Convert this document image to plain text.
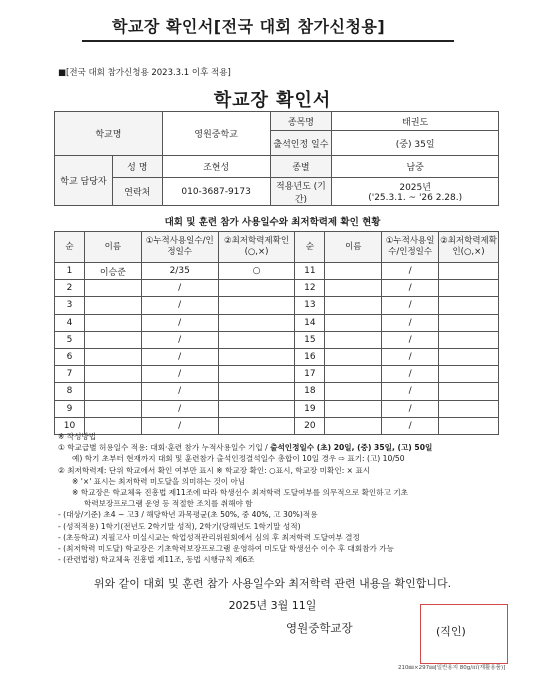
학교장 확인서[전국 대회 참가신청용]
■[전국 대회 참가신청용 2023.3.1 이후 적용]
학교장 확인서
학교명		영원중학교	종목명	태권도
			출석인정 일수	(중) 35일
학교 담당자	성 명	조현성	종별	남중
	연락처	010-3687-9173	적용년도 (기간)	2025년
('25.3.1. ~ '26 2.28.)
대회 및 훈련 참가 사용일수와 최저학력제 확인 현황
순	이름	①누적사용일수/인정일수	②최저학력제확인(○,×)	순	이름	①누적사용일수/인정일수	②최저학력제확인(○,×)
1	이승준	2/35	○	11		/	
2		/		12		/	
3		/		13		/	
4		/		14		/	
5		/		15		/	
6		/		16		/	
7		/		17		/	
8		/		18		/	
9		/		19		/	
10		/		20		/	
※ 작성방법
① 학교급별 허용일수 적용: 대회·훈련 참가 누적사용일수 기입 / 출석인정일수 (초) 20일, (중) 35일, (고) 50일
예) 학기 초부터 현재까지 대회 및 훈련참가 출석인정결석일수 총합이 10일 경우 ⇨ 표기: (고) 10/50
② 최저학력제: 단위 학교에서 확인 여부만 표시 ※ 학교장 확인: ○표시, 학교장 미확인: × 표시
※ '×' 표시는 최저학력 미도달을 의미하는 것이 아님
※ 학교장은 학교체육 진흥법 제11조에 따라 학생선수 최저학력 도달여부를 의무적으로 확인하고 기초
학력보장프로그램 운영 등 적절한 조치를 취해야 함
- (대상/기준) 초4 ~ 고3 / 해당학년 과목평균(초 50%, 중 40%, 고 30%)적용
- (성적적용) 1학기(전년도 2학기말 성적), 2학기(당해년도 1학기말 성적)
- (초등학교) 지필고사 미실시교는 학업성적관리위원회에서 심의 후 최저학력 도달여부 결정
- (최저학력 미도달) 학교장은 기초학력보장프로그램 운영하여 미도달 학생선수 이수 후 대회참가 가능
- (관련법령) 학교체육 진흥법 제11조, 동법 시행규칙 제6조
위와 같이 대회 및 훈련 참가 사용일수와 최저학력 관련 내용을 확인합니다.
2025년 3월 11일
영원중학교장	(직인)
210㎜×297㎜[일반용지 80g/㎡(재활용품)]
